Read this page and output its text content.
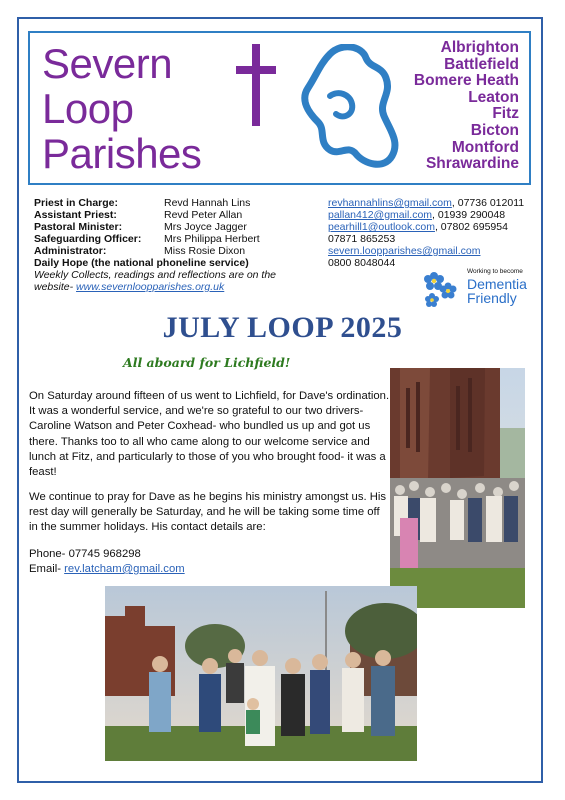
Severn
Loop
Parishes
Albrighton
Battlefield
Bomere Heath
Leaton
Fitz
Bicton
Montford
Shrawardine
Priest in Charge:	Revd Hannah Lins	revhannahlins@gmail.com, 07736 012011
Assistant Priest:	Revd Peter Allan	pallan412@gmail.com, 01939 290048
Pastoral Minister:	Mrs Joyce Jagger	pearhill1@outlook.com, 07802 695954
Safeguarding Officer: Mrs Philippa Herbert	07871 865253
Administrator:	Miss Rosie Dixon	severn.loopparishes@gmail.com
Daily Hope (the national phoneline service)	0800 8048044
Weekly Collects, readings and reflections are on the
website- www.severnloopparishes.org.uk
Working to become
Dementia
Friendly
JULY LOOP 2025
All aboard for Lichfield!
On Saturday around fifteen of us went to Lichfield, for Dave's ordination. It was a wonderful service, and we're so grateful to our two drivers- Caroline Watson and Peter Coxhead- who bundled us up and got us there. Thanks too to all who came along to our welcome service and lunch at Fitz, and particularly to those of you who brought food- it was a feast!
We continue to pray for Dave as he begins his ministry amongst us. His rest day will generally be Saturday, and he will be taking some time off in the summer holidays. His contact details are:
Phone- 07745 968298
Email- rev.latcham@gmail.com
